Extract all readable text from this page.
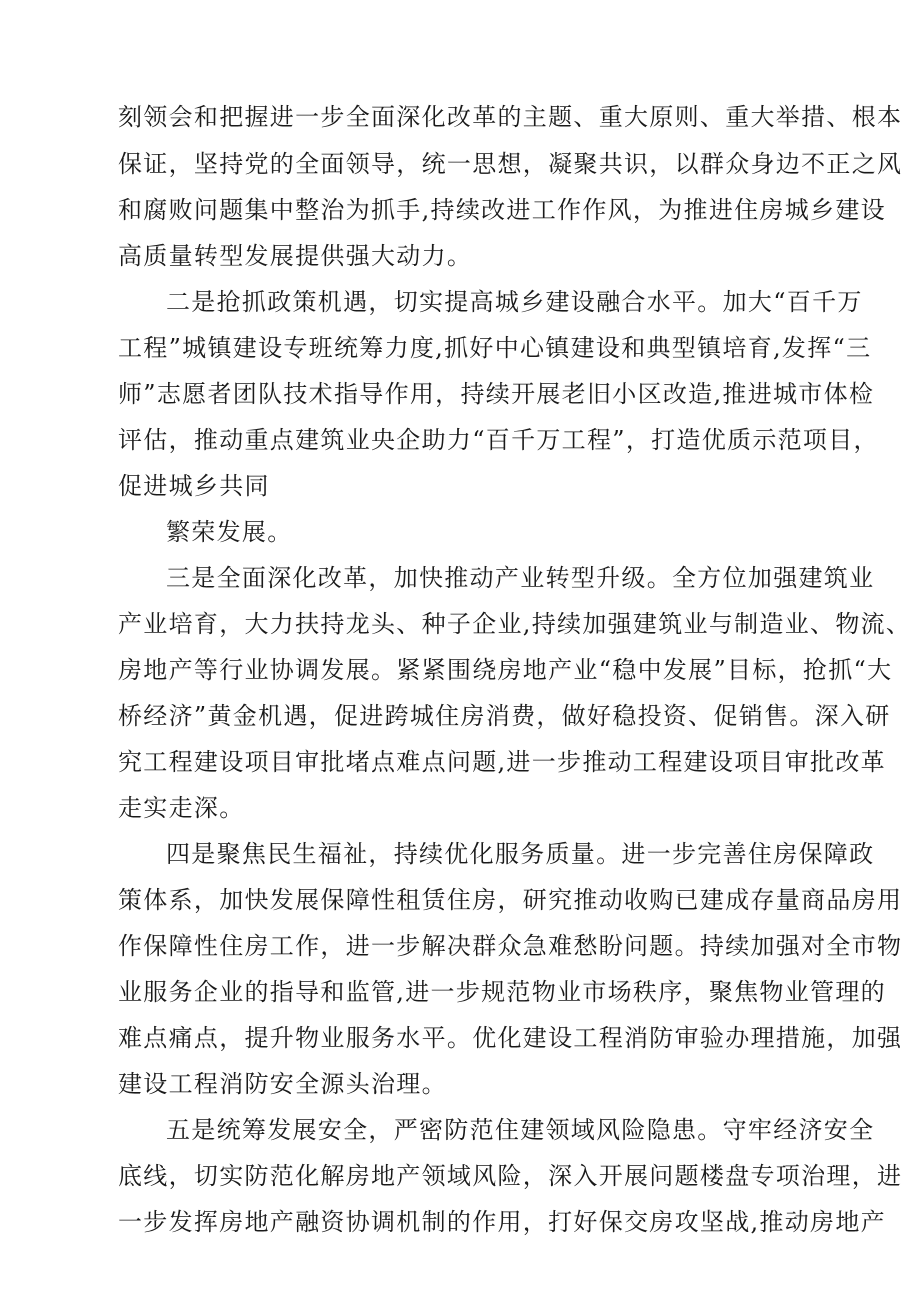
刻领会和把握进一步全面深化改革的主题、重大原则、重大举措、根本

保证，坚持党的全面领导，统一思想，凝聚共识，以群众身边不正之风

和腐败问题集中整治为抓手,持续改进工作作风，为推进住房城乡建设

高质量转型发展提供强大动力。

二是抢抓政策机遇，切实提高城乡建设融合水平。加大“百千万

工程”城镇建设专班统筹力度,抓好中心镇建设和典型镇培育,发挥“三

师”志愿者团队技术指导作用，持续开展老旧小区改造,推进城市体检

评估，推动重点建筑业央企助力“百千万工程”，打造优质示范项目，

促进城乡共同

繁荣发展。

三是全面深化改革，加快推动产业转型升级。全方位加强建筑业

产业培育，大力扶持龙头、种子企业,持续加强建筑业与制造业、物流、

房地产等行业协调发展。紧紧围绕房地产业“稳中发展”目标，抢抓“大

桥经济”黄金机遇，促进跨城住房消费，做好稳投资、促销售。深入研

究工程建设项目审批堵点难点问题,进一步推动工程建设项目审批改革

走实走深。

四是聚焦民生福祉，持续优化服务质量。进一步完善住房保障政

策体系，加快发展保障性租赁住房，研究推动收购已建成存量商品房用

作保障性住房工作，进一步解决群众急难愁盼问题。持续加强对全市物

业服务企业的指导和监管,进一步规范物业市场秩序，聚焦物业管理的

难点痛点，提升物业服务水平。优化建设工程消防审验办理措施，加强

建设工程消防安全源头治理。

五是统筹发展安全，严密防范住建领域风险隐患。守牢经济安全

底线，切实防范化解房地产领域风险，深入开展问题楼盘专项治理，进

一步发挥房地产融资协调机制的作用，打好保交房攻坚战,推动房地产
